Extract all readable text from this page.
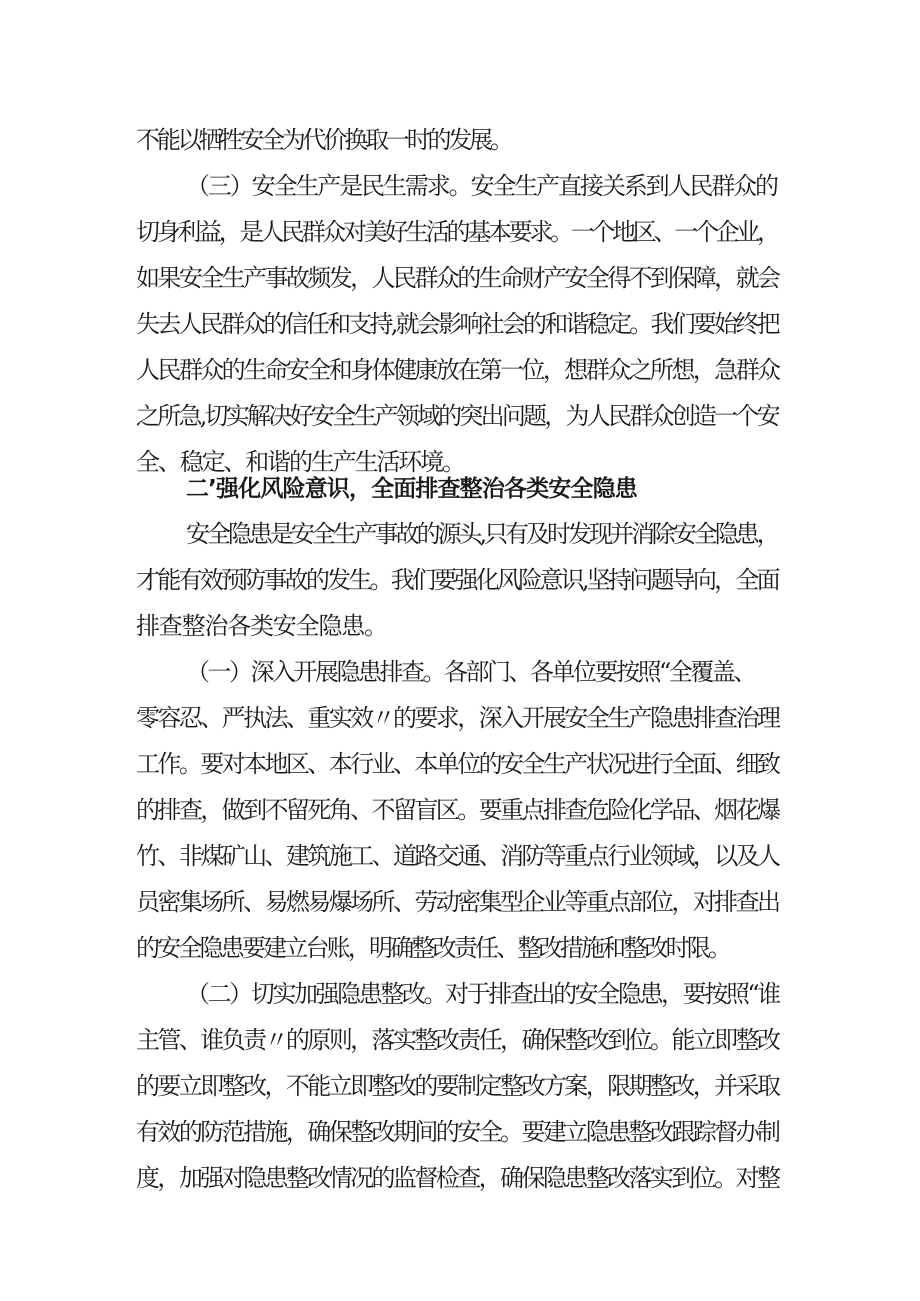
不能以牺牲安全为代价换取一时的发展。
（三）安全生产是民生需求。安全生产直接关系到人民群众的
切身利益，是人民群众对美好生活的基本要求。一个地区、一个企业，
如果安全生产事故频发，人民群众的生命财产安全得不到保障，就会
失去人民群众的信任和支持,就会影响社会的和谐稳定。我们要始终把
人民群众的生命安全和身体健康放在第一位，想群众之所想，急群众
之所急,切实解决好安全生产领域的突出问题，为人民群众创造一个安
全、稳定、和谐的生产生活环境。
二’强化风险意识，全面排查整治各类安全隐患
安全隐患是安全生产事故的源头,只有及时发现并消除安全隐患，
才能有效预防事故的发生。我们要强化风险意识,坚持问题导向，全面
排查整治各类安全隐患。
（一）深入开展隐患排查。各部门、各单位要按照“全覆盖、
零容忍、严执法、重实效〃的要求，深入开展安全生产隐患排查治理
工作。要对本地区、本行业、本单位的安全生产状况进行全面、细致
的排查，做到不留死角、不留盲区。要重点排查危险化学品、烟花爆
竹、非煤矿山、建筑施工、道路交通、消防等重点行业领域，以及人
员密集场所、易燃易爆场所、劳动密集型企业等重点部位，对排查出
的安全隐患要建立台账，明确整改责任、整改措施和整改时限。
（二）切实加强隐患整改。对于排查出的安全隐患，要按照“谁
主管、谁负责〃的原则，落实整改责任，确保整改到位。能立即整改
的要立即整改，不能立即整改的要制定整改方案，限期整改，并采取
有效的防范措施，确保整改期间的安全。要建立隐患整改跟踪督办制
度，加强对隐患整改情况的监督检查，确保隐患整改落实到位。对整
